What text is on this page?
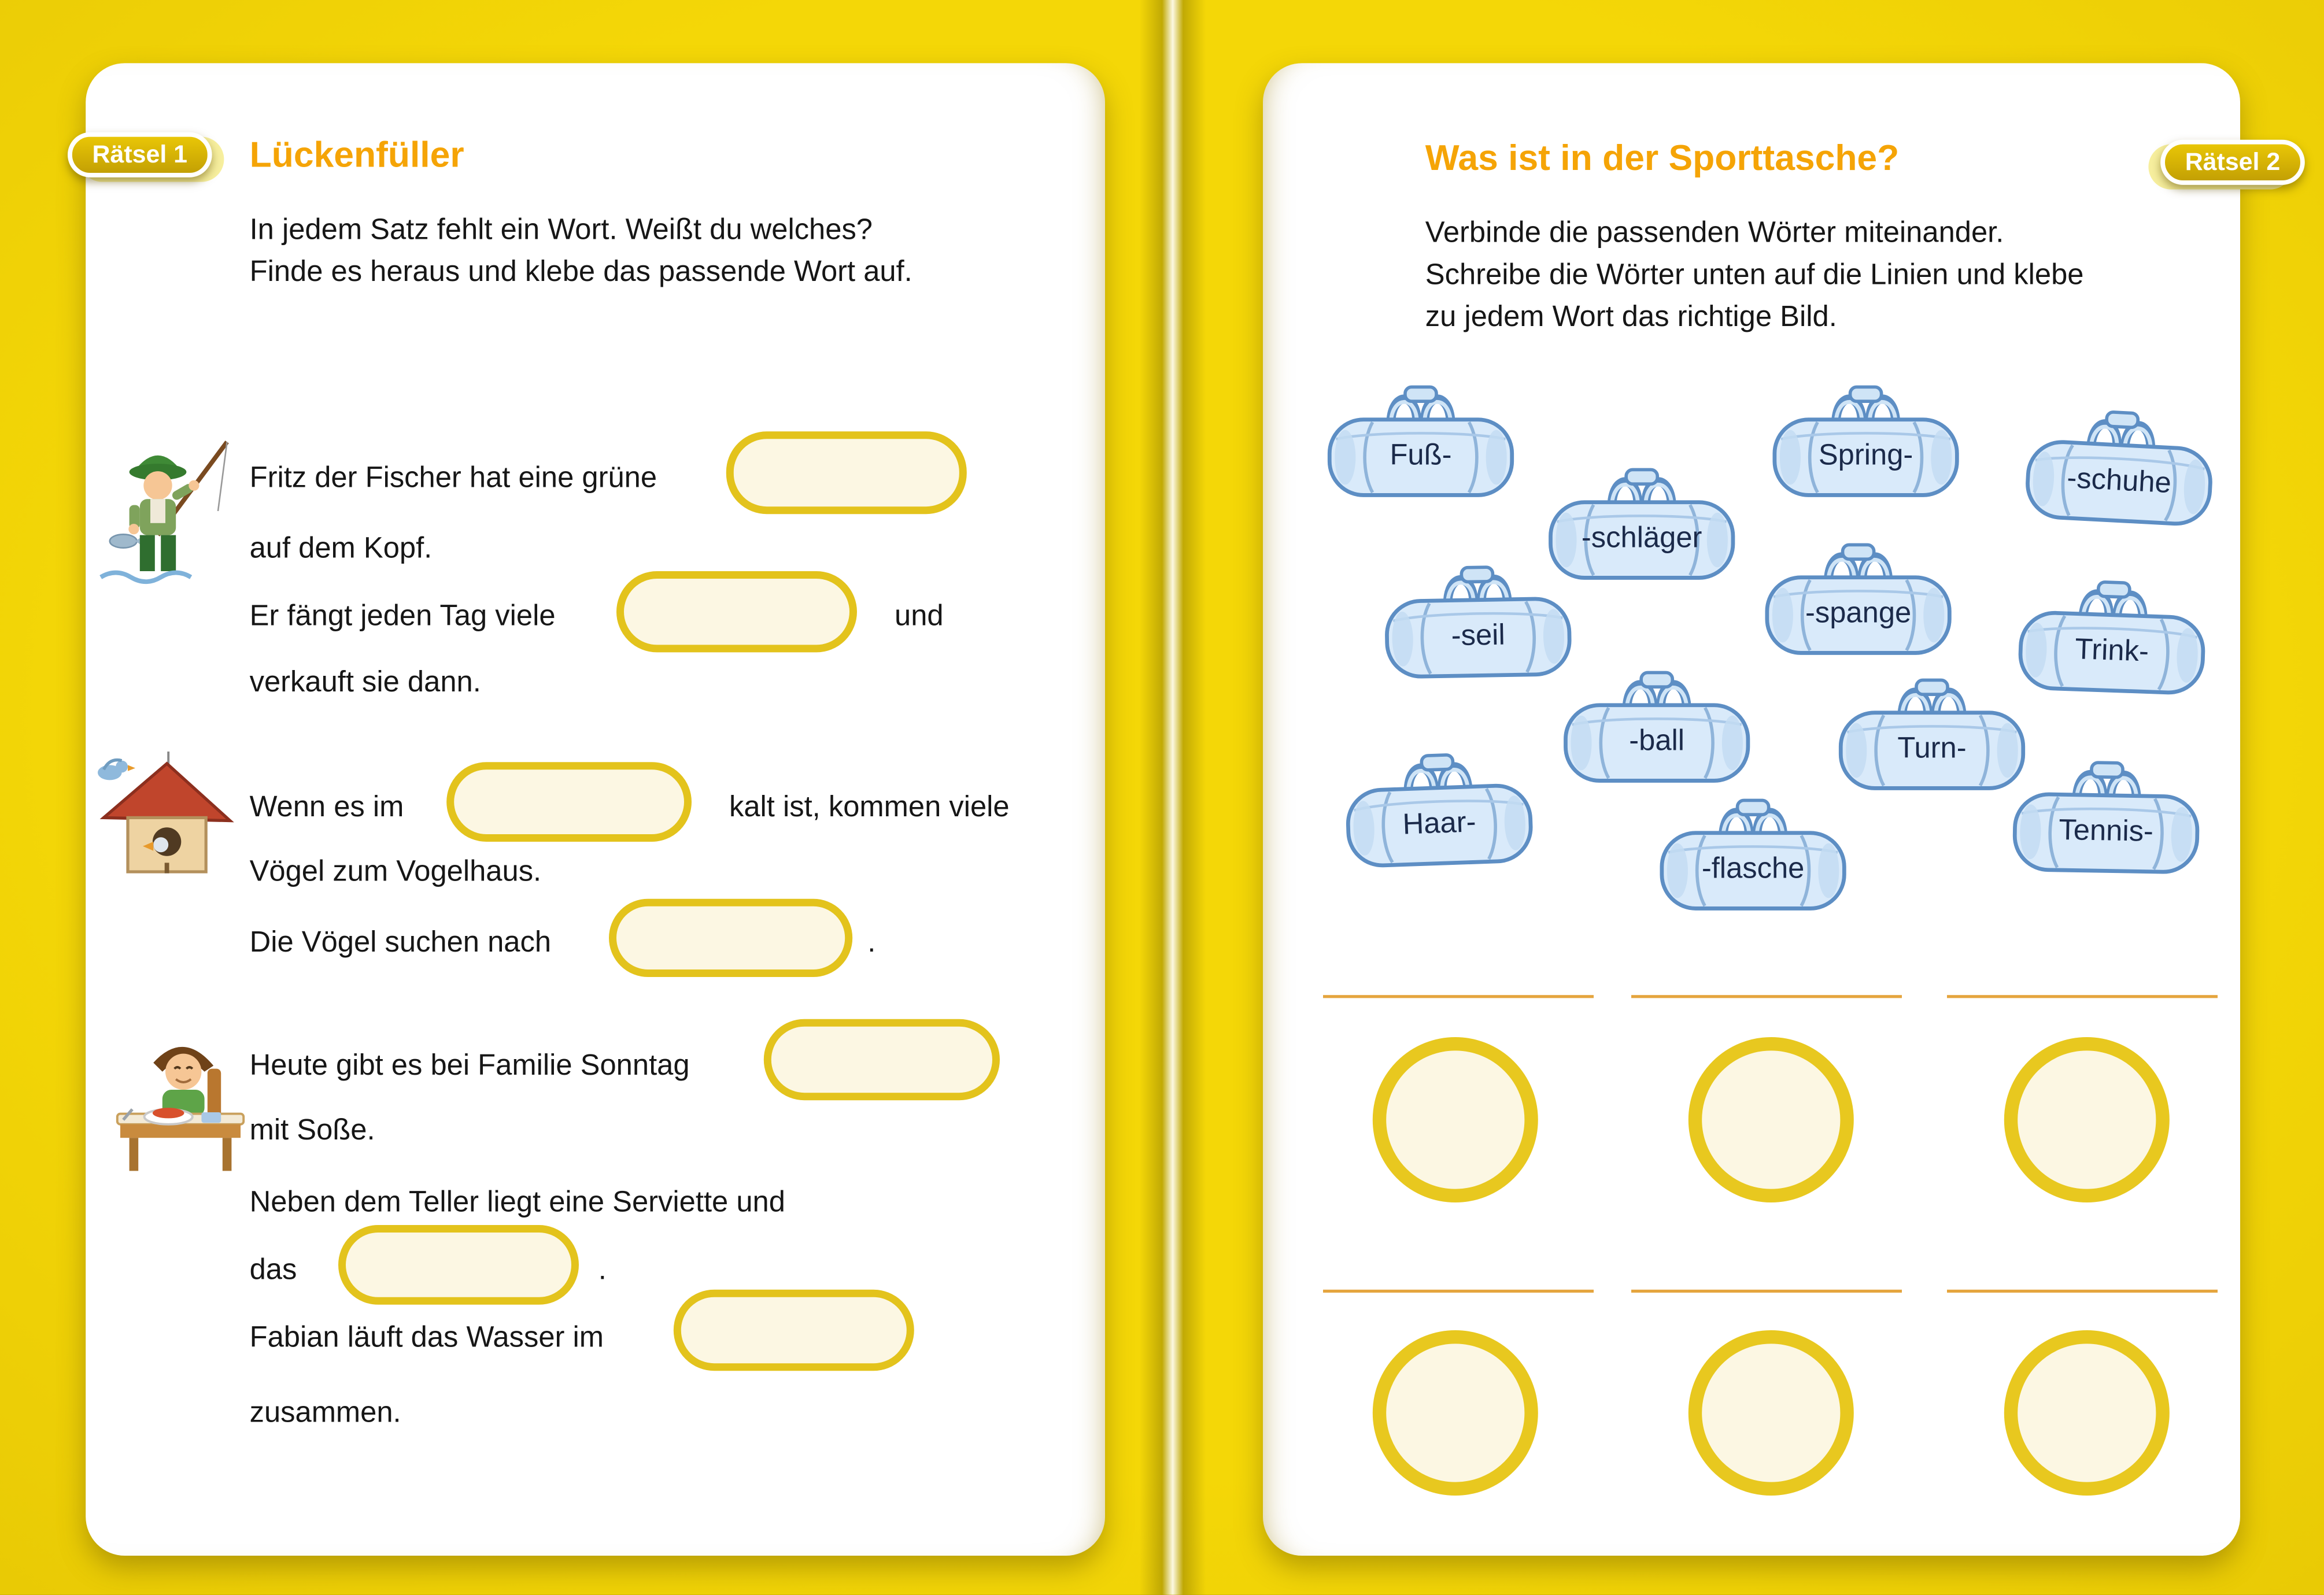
Rätsel 1	Lückenfüller
In jedem Satz fehlt ein Wort. Weißt du welches?
Finde es heraus und klebe das passende Wort auf.
Fritz der Fischer hat eine grüne
auf dem Kopf.
Er fängt jeden Tag viele	und
verkauft sie dann.
Wenn es im	kalt ist, kommen viele
Vögel zum Vogelhaus.
Die Vögel suchen nach	.
Heute gibt es bei Familie Sonntag
mit Soße.
Neben dem Teller liegt eine Serviette und
das	.
Fabian läuft das Wasser im
zusammen.
Rätsel 2
Was ist in der Sporttasche?
Verbinde die passenden Wörter miteinander.
Schreibe die Wörter unten auf die Linien und klebe
zu jedem Wort das richtige Bild.
Fuß-	Spring-
-schuhe
-schläger
-seil
-spange
Trink-
-ball	Turn-
Haar-
-flasche
Tennis-
